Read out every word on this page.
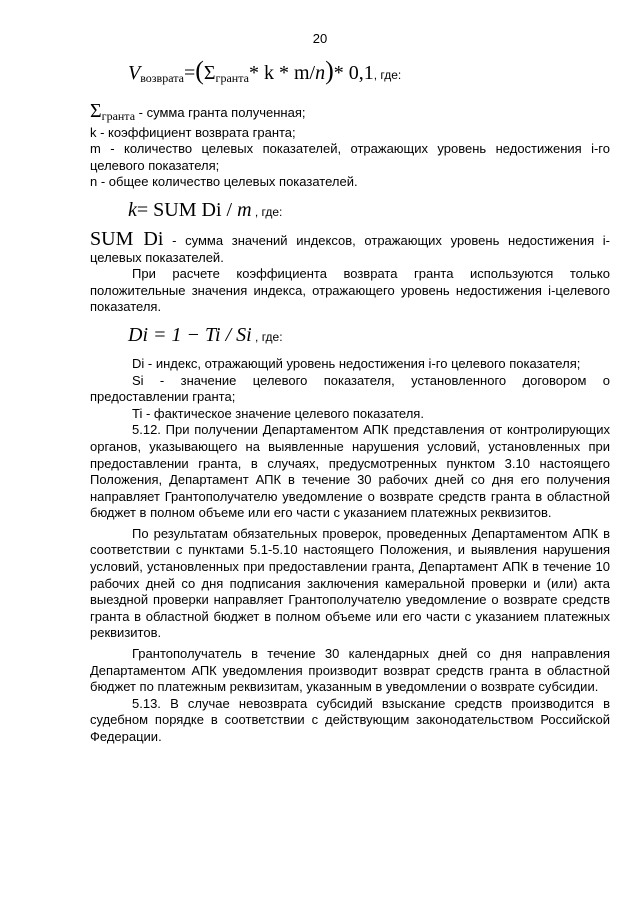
20
$V_{возврата}=(\Sigma_{гранта}*$ k * m/n)* 0,1, где:

Σгранта - сумма гранта полученная;

k - коэффициент возврата гранта;

m - количество целевых показателей, отражающих уровень недостижения i-го целевого показателя;

n - общее количество целевых показателей.

k= SUM Di / m , где:

SUM Di - сумма значений индексов, отражающих уровень недостижения i-целевых показателей.

При расчете коэффициента возврата гранта используются только положительные значения индекса, отражающего уровень недостижения i-целевого показателя.

Di = 1 − Ti / Si , где:

Di - индекс, отражающий уровень недостижения i-го целевого показателя;

Si - значение целевого показателя, установленного договором о предоставлении гранта;

Ti - фактическое значение целевого показателя.

5.12. При получении Департаментом АПК представления от контролирующих органов, указывающего на выявленные нарушения условий, установленных при предоставлении гранта, в случаях, предусмотренных пунктом 3.10 настоящего Положения, Департамент АПК в течение 30 рабочих дней со дня его получения направляет Грантополучателю уведомление о возврате средств гранта в областной бюджет в полном объеме или его части с указанием платежных реквизитов.

По результатам обязательных проверок, проведенных Департаментом АПК в соответствии с пунктами 5.1-5.10 настоящего Положения, и выявления нарушения условий, установленных при предоставлении гранта, Департамент АПК в течение 10 рабочих дней со дня подписания заключения камеральной проверки и (или) акта выездной проверки направляет Грантополучателю уведомление о возврате средств гранта в областной бюджет в полном объеме или его части с указанием платежных реквизитов.

Грантополучатель в течение 30 календарных дней со дня направления Департаментом АПК уведомления производит возврат средств гранта в областной бюджет по платежным реквизитам, указанным в уведомлении о возврате субсидии.

5.13. В случае невозврата субсидий взыскание средств производится в судебном порядке в соответствии с действующим законодательством Российской Федерации.
